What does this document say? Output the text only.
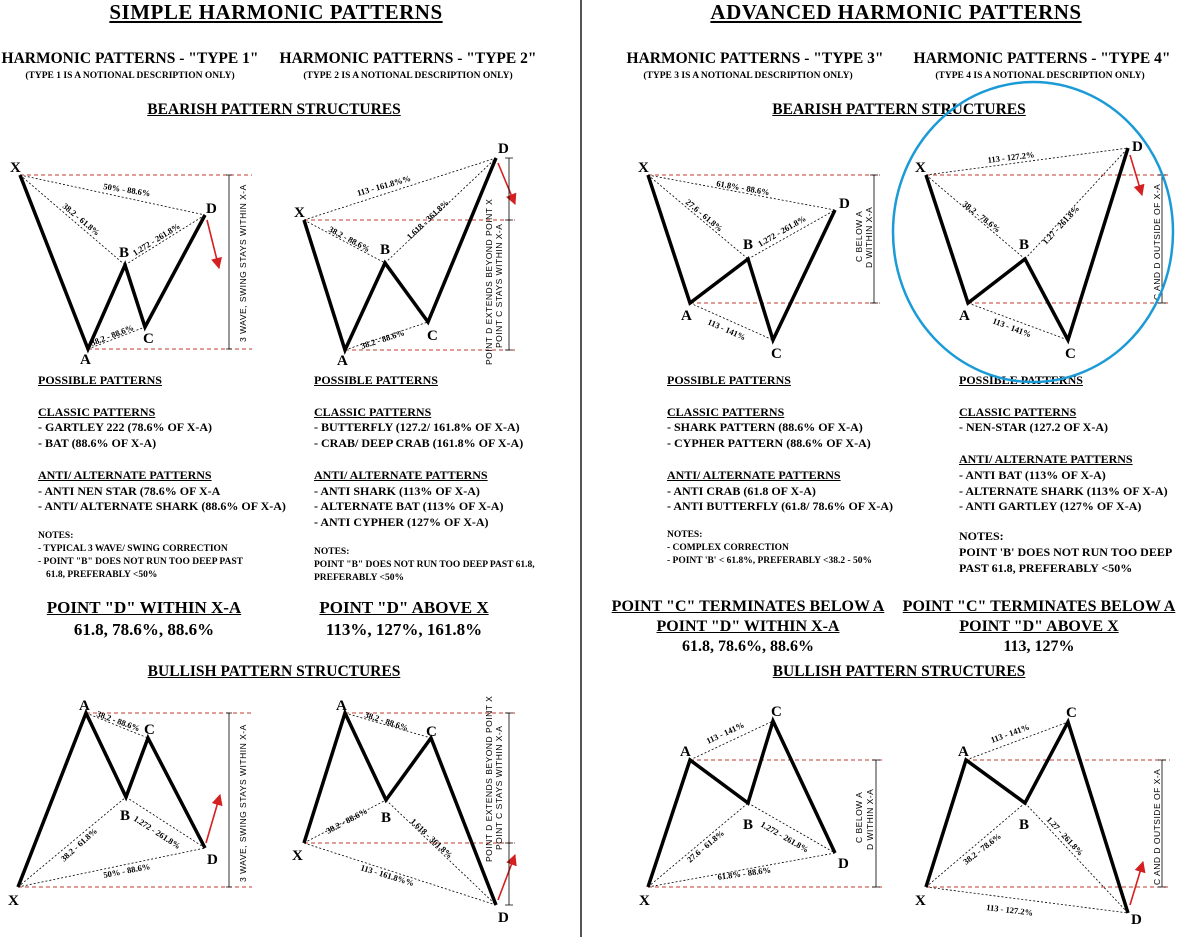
SIMPLE HARMONIC PATTERNS	ADVANCED HARMONIC PATTERNS
HARMONIC PATTERNS - "TYPE 1"
(TYPE 1 IS A NOTIONAL DESCRIPTION ONLY)
HARMONIC PATTERNS - "TYPE 2"
(TYPE 2 IS A NOTIONAL DESCRIPTION ONLY)
HARMONIC PATTERNS - "TYPE 3"
(TYPE 3 IS A NOTIONAL DESCRIPTION ONLY)
HARMONIC PATTERNS - "TYPE 4"
(TYPE 4 IS A NOTIONAL DESCRIPTION ONLY)
BEARISH PATTERN STRUCTURES	BEARISH PATTERN STRUCTURES
BULLISH PATTERN STRUCTURES	BULLISH PATTERN STRUCTURES
POSSIBLE PATTERNS
CLASSIC PATTERNS
- GARTLEY 222 (78.6% OF X-A)
- BAT (88.6% OF X-A)
ANTI/ ALTERNATE PATTERNS
- ANTI NEN STAR (78.6% OF X-A
- ANTI/ ALTERNATE SHARK (88.6% OF X-A)
NOTES:
- TYPICAL 3 WAVE/ SWING CORRECTION
- POINT "B" DOES NOT RUN TOO DEEP PAST
61.8, PREFERABLY <50%
POINT "D" WITHIN X-A
61.8, 78.6%, 88.6%
POSSIBLE PATTERNS
CLASSIC PATTERNS
- BUTTERFLY (127.2/ 161.8% OF X-A)
- CRAB/ DEEP CRAB (161.8% OF X-A)
ANTI/ ALTERNATE PATTERNS
- ANTI SHARK (113% OF X-A)
- ALTERNATE BAT (113% OF X-A)
- ANTI CYPHER (127% OF X-A)
NOTES:
POINT "B" DOES NOT RUN TOO DEEP PAST 61.8,
PREFERABLY <50%
POINT "D" ABOVE X
113%, 127%, 161.8%
POSSIBLE PATTERNS
CLASSIC PATTERNS
- SHARK PATTERN (88.6% OF X-A)
- CYPHER PATTERN (88.6% OF X-A)
ANTI/ ALTERNATE PATTERNS
- ANTI CRAB (61.8 OF X-A)
- ANTI BUTTERFLY (61.8/ 78.6% OF X-A)
NOTES:
- COMPLEX CORRECTION
- POINT 'B' < 61.8%, PREFERABLY <38.2 - 50%
POINT "C" TERMINATES BELOW A
POINT "D" WITHIN X-A
61.8, 78.6%, 88.6%
POSSIBLE PATTERNS
CLASSIC PATTERNS
- NEN-STAR (127.2 OF X-A)
ANTI/ ALTERNATE PATTERNS
- ANTI BAT (113% OF X-A)
- ALTERNATE SHARK (113% OF X-A)
- ANTI GARTLEY (127% OF X-A)
NOTES:
POINT 'B' DOES NOT RUN TOO DEEP
PAST 61.8, PREFERABLY <50%
POINT "C" TERMINATES BELOW A
POINT "D" ABOVE X
113, 127%
X
A
B
C
D
50% - 88.6%
38.2 - 61.8%
1.272 - 261.8%
38.2 - 88.6%	3 WAVE, SWING STAYS WITHIN X-A	X
A
B
C
D
113 - 161.8%%
38.2 - 88.6%	1.618 - 361.8%
38.2 - 88.6%	POINT D EXTENDS BEYOND POINT X POINT C STAYS WITHIN X-A
X
A
B
C
D
61.8% - 88.6%
27.6 - 61.8%	1.272 - 261.8%
113 - 141%
C BELOW A D WITHIN X-A
X
A
B
C
D
113 - 127.2%
38.2 - 78.6%	1.27 - 261.8%
113 - 141%
C AND D OUTSIDE OF X-A
X
A
B
C
D
38.2 - 88.6%
38.2 - 61.8%	1.272 - 261.8%
50% - 88.6%	3 WAVE, SWING STAYS WITHIN X-A	X
A
B
C
D
38.2 - 88.6%
38.2 - 88.6%	1.618 - 361.8%
113 - 161.8%%
POINT D EXTENDS BEYOND POINT X POINT C STAYS WITHIN X-A
X
A
B
C
D
113 - 141%
27.6 - 61.8%	1.272 - 261.8%
61.8% - 88.6%
C BELOW A D WITHIN X-A
X
A
B
C
D
113 - 141%
38.2 - 78.6%	1.27 - 261.8%
113 - 127.2%
C AND D OUTSIDE OF X-A
